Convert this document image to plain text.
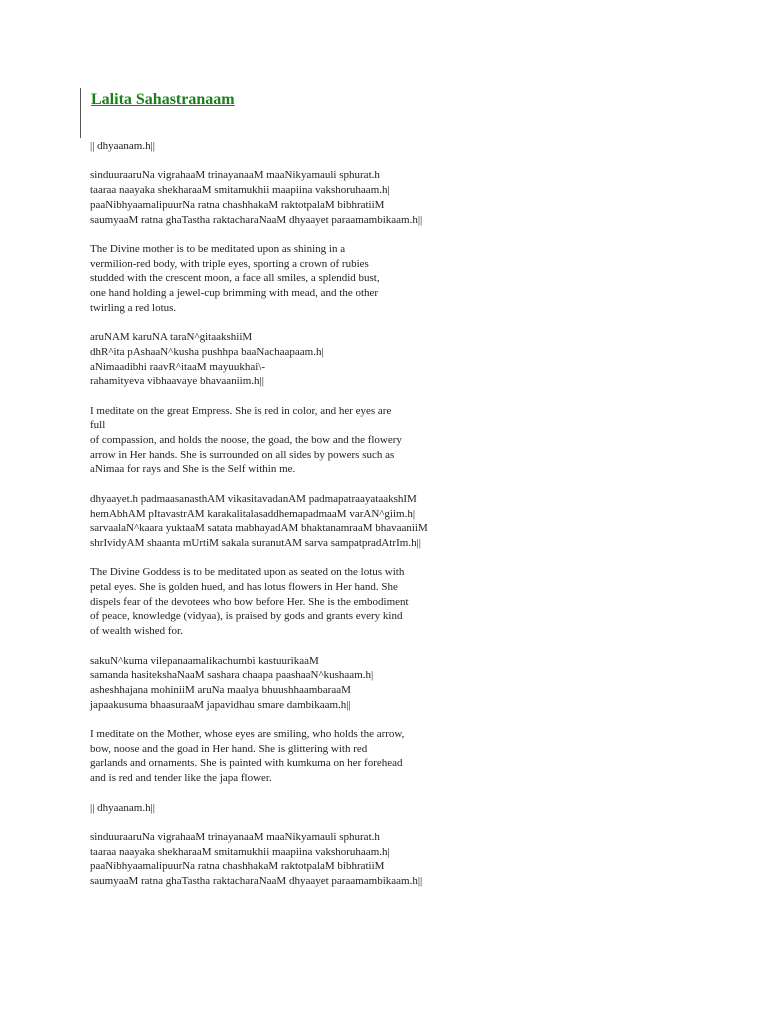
Lalita Sahastranaam
|| dhyaanam.h||
sinduuraaruNa vigrahaaM trinayanaaM maaNikyamauli sphurat.h
taaraa naayaka shekharaaM smitamukhii maapiina vakshoruhaam.h|
paaNibhyaamalipuurNa ratna chashhakaM raktotpalaM bibhratiiM
saumyaaM ratna ghaTastha raktacharaNaaM dhyaayet paraamambikaam.h||
The Divine mother is to be meditated upon as shining in a
vermilion-red body, with triple eyes, sporting a crown of rubies
studded with the crescent moon, a face all smiles, a splendid bust,
one hand holding a jewel-cup brimming with mead, and the other
twirling a red lotus.
aruNAM karuNA taraN^gitaakshiiM
dhR^ita pAshaaN^kusha pushhpa baaNachaapaam.h|
aNimaadibhi raavR^itaaM mayuukhai\-
rahamityeva vibhaavaye bhavaaniim.h||
I meditate on the great Empress. She is red in color, and her eyes are
full
of compassion, and holds the noose, the goad, the bow and the flowery
arrow in Her hands. She is surrounded on all sides by powers such as
aNimaa for rays and She is the Self within me.
dhyaayet.h padmaasanasthAM vikasitavadanAM padmapatraayataakshIM
hemAbhAM pItavastrAM karakalitalasaddhemapadmaaM varAN^giim.h|
sarvaalaN^kaara yuktaaM satata mabhayadAM bhaktanamraaM bhavaaniiM
shrIvidyAM shaanta mUrtiM sakala suranutAM sarva sampatpradAtrIm.h||
The Divine Goddess is to be meditated upon as seated on the lotus with
petal eyes. She is golden hued, and has lotus flowers in Her hand. She
dispels fear of the devotees who bow before Her. She is the embodiment
of peace, knowledge (vidyaa), is praised by gods and grants every kind
of wealth wished for.
sakuN^kuma vilepanaamalikachumbi kastuurikaaM
samanda hasitekshaNaaM sashara chaapa paashaaN^kushaam.h|
asheshhajana mohiniiM aruNa maalya bhuushhaambaraaM
japaakusuma bhaasuraaM japavidhau smare dambikaam.h||
I meditate on the Mother, whose eyes are smiling, who holds the arrow,
bow, noose and the goad in Her hand. She is glittering with red
garlands and ornaments. She is painted with kumkuma on her forehead
and is red and tender like the japa flower.
|| dhyaanam.h||
sinduuraaruNa vigrahaaM trinayanaaM maaNikyamauli sphurat.h
taaraa naayaka shekharaaM smitamukhii maapiina vakshoruhaam.h|
paaNibhyaamalipuurNa ratna chashhakaM raktotpalaM bibhratiiM
saumyaaM ratna ghaTastha raktacharaNaaM dhyaayet paraamambikaam.h||
